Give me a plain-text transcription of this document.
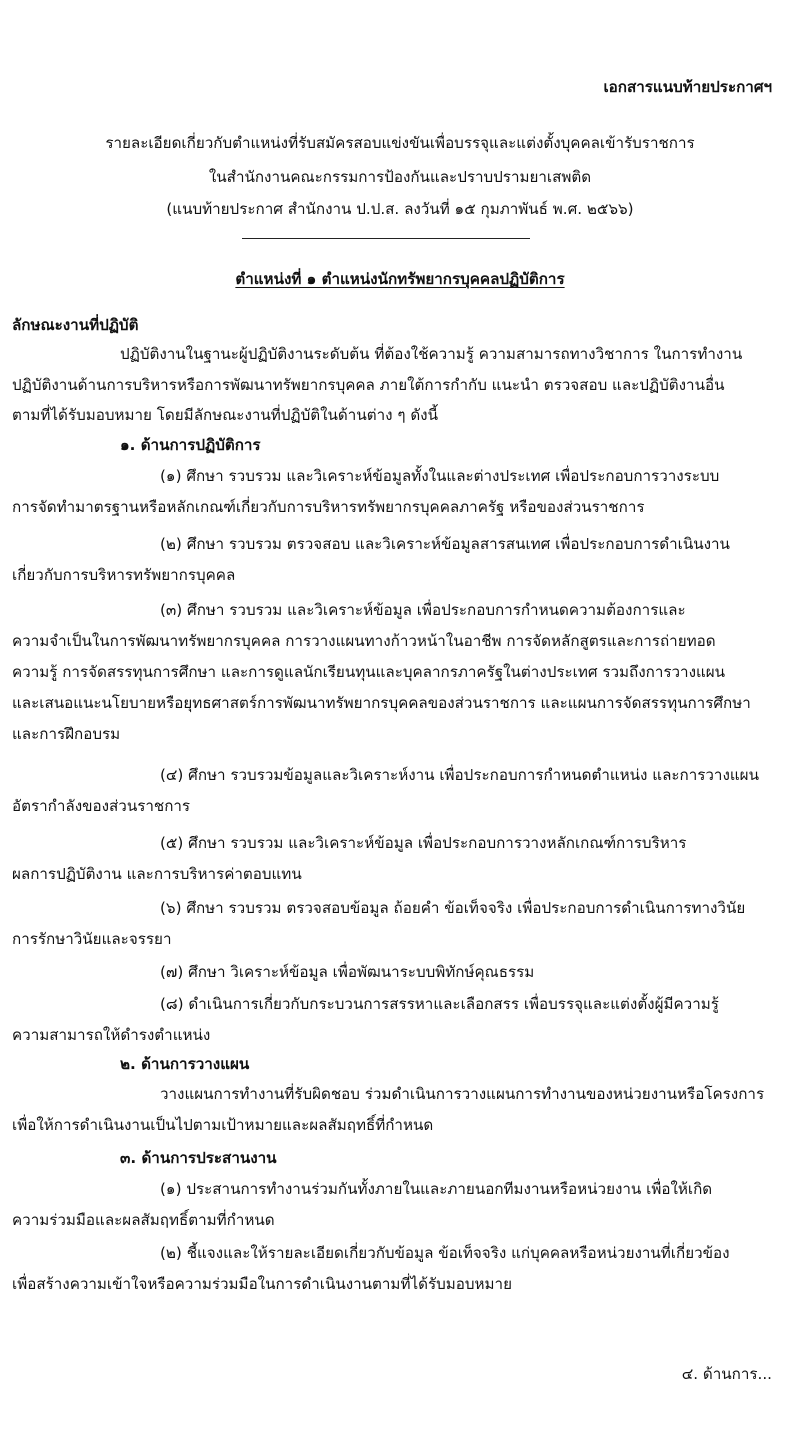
เอกสารแนบท้ายประกาศฯ
รายละเอียดเกี่ยวกับตำแหน่งที่รับสมัครสอบแข่งขันเพื่อบรรจุและแต่งตั้งบุคคลเข้ารับราชการ
ในสำนักงานคณะกรรมการป้องกันและปราบปรามยาเสพติด
(แนบท้ายประกาศ สำนักงาน ป.ป.ส. ลงวันที่ ๑๕ กุมภาพันธ์ พ.ศ. ๒๕๖๖)
ตำแหน่งที่ ๑ ตำแหน่งนักทรัพยากรบุคคลปฏิบัติการ
ลักษณะงานที่ปฏิบัติ
ปฏิบัติงานในฐานะผู้ปฏิบัติงานระดับต้น ที่ต้องใช้ความรู้ ความสามารถทางวิชาการ ในการทำงาน
ปฏิบัติงานด้านการบริหารหรือการพัฒนาทรัพยากรบุคคล ภายใต้การกำกับ แนะนำ ตรวจสอบ และปฏิบัติงานอื่น
ตามที่ได้รับมอบหมาย โดยมีลักษณะงานที่ปฏิบัติในด้านต่าง ๆ ดังนี้
๑. ด้านการปฏิบัติการ
(๑) ศึกษา รวบรวม และวิเคราะห์ข้อมูลทั้งในและต่างประเทศ เพื่อประกอบการวางระบบ
การจัดทำมาตรฐานหรือหลักเกณฑ์เกี่ยวกับการบริหารทรัพยากรบุคคลภาครัฐ หรือของส่วนราชการ
(๒) ศึกษา รวบรวม ตรวจสอบ และวิเคราะห์ข้อมูลสารสนเทศ เพื่อประกอบการดำเนินงาน
เกี่ยวกับการบริหารทรัพยากรบุคคล
(๓) ศึกษา รวบรวม และวิเคราะห์ข้อมูล เพื่อประกอบการกำหนดความต้องการและ
ความจำเป็นในการพัฒนาทรัพยากรบุคคล การวางแผนทางก้าวหน้าในอาชีพ การจัดหลักสูตรและการถ่ายทอด
ความรู้ การจัดสรรทุนการศึกษา และการดูแลนักเรียนทุนและบุคลากรภาครัฐในต่างประเทศ รวมถึงการวางแผน
และเสนอแนะนโยบายหรือยุทธศาสตร์การพัฒนาทรัพยากรบุคคลของส่วนราชการ และแผนการจัดสรรทุนการศึกษา
และการฝึกอบรม
(๔) ศึกษา รวบรวมข้อมูลและวิเคราะห์งาน เพื่อประกอบการกำหนดตำแหน่ง และการวางแผน
อัตรากำลังของส่วนราชการ
(๕) ศึกษา รวบรวม และวิเคราะห์ข้อมูล เพื่อประกอบการวางหลักเกณฑ์การบริหาร
ผลการปฏิบัติงาน และการบริหารค่าตอบแทน
(๖) ศึกษา รวบรวม ตรวจสอบข้อมูล ถ้อยคำ ข้อเท็จจริง เพื่อประกอบการดำเนินการทางวินัย
การรักษาวินัยและจรรยา
(๗) ศึกษา วิเคราะห์ข้อมูล เพื่อพัฒนาระบบพิทักษ์คุณธรรม
(๘) ดำเนินการเกี่ยวกับกระบวนการสรรหาและเลือกสรร เพื่อบรรจุและแต่งตั้งผู้มีความรู้
ความสามารถให้ดำรงตำแหน่ง
๒. ด้านการวางแผน
วางแผนการทำงานที่รับผิดชอบ ร่วมดำเนินการวางแผนการทำงานของหน่วยงานหรือโครงการ
เพื่อให้การดำเนินงานเป็นไปตามเป้าหมายและผลสัมฤทธิ์ที่กำหนด
๓. ด้านการประสานงาน
(๑) ประสานการทำงานร่วมกันทั้งภายในและภายนอกทีมงานหรือหน่วยงาน เพื่อให้เกิด
ความร่วมมือและผลสัมฤทธิ์ตามที่กำหนด
(๒) ชี้แจงและให้รายละเอียดเกี่ยวกับข้อมูล ข้อเท็จจริง แก่บุคคลหรือหน่วยงานที่เกี่ยวข้อง
เพื่อสร้างความเข้าใจหรือความร่วมมือในการดำเนินงานตามที่ได้รับมอบหมาย
๔. ด้านการ...
